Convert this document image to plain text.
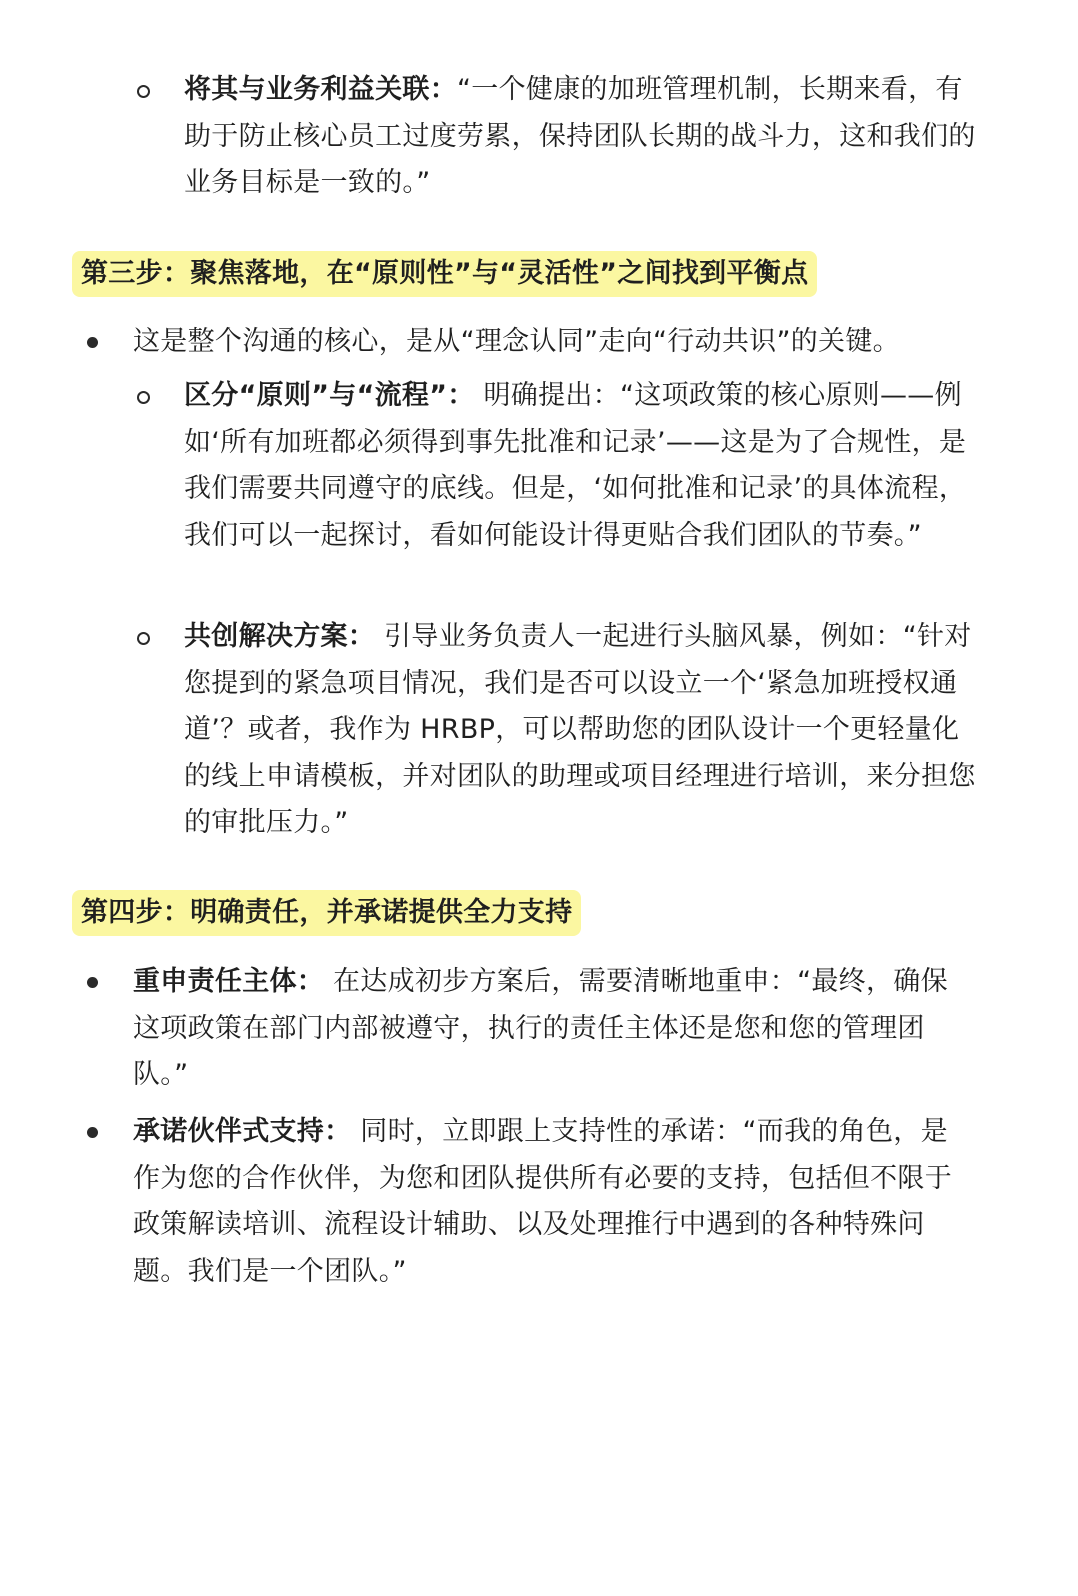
将其与业务利益关联：“一个健康的加班管理机制，长期来看，有助于防止核心员工过度劳累，保持团队长期的战斗力，这和我们的业务目标是一致的。”
第三步：聚焦落地，在“原则性”与“灵活性”之间找到平衡点
这是整个沟通的核心，是从“理念认同”走向“行动共识”的关键。
区分“原则”与“流程”： 明确提出：“这项政策的核心原则——例如‘所有加班都必须得到事先批准和记录’——这是为了合规性，是我们需要共同遵守的底线。但是，‘如何批准和记录’的具体流程，我们可以一起探讨，看如何能设计得更贴合我们团队的节奏。”
共创解决方案： 引导业务负责人一起进行头脑风暴，例如：“针对您提到的紧急项目情况，我们是否可以设立一个‘紧急加班授权通道’？或者，我作为 HRBP，可以帮助您的团队设计一个更轻量化的线上申请模板，并对团队的助理或项目经理进行培训，来分担您的审批压力。”
第四步：明确责任，并承诺提供全力支持
重申责任主体： 在达成初步方案后，需要清晰地重申：“最终，确保这项政策在部门内部被遵守，执行的责任主体还是您和您的管理团队。”
承诺伙伴式支持： 同时，立即跟上支持性的承诺：“而我的角色，是作为您的合作伙伴，为您和团队提供所有必要的支持，包括但不限于政策解读培训、流程设计辅助、以及处理推行中遇到的各种特殊问题。我们是一个团队。”
